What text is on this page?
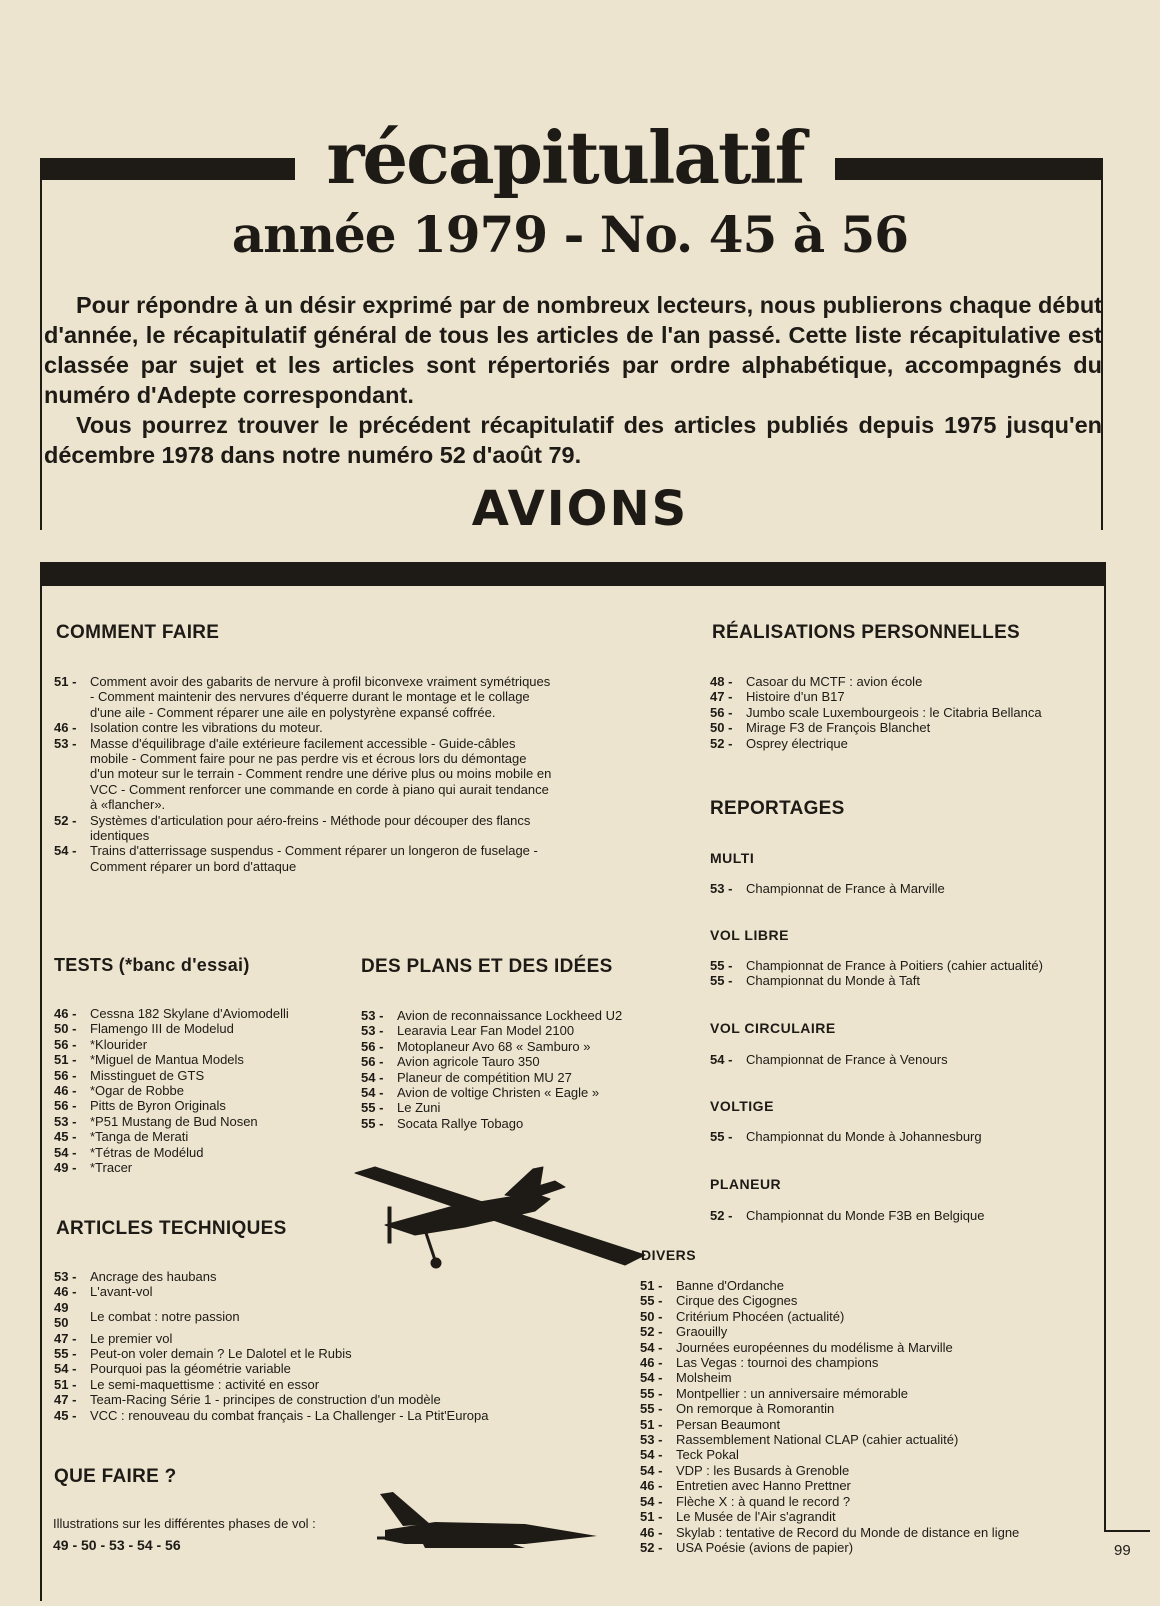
récapitulatif
année 1979 - No. 45 à 56

Pour répondre à un désir exprimé par de nombreux lecteurs, nous publierons chaque début d'année, le récapitulatif général de tous les articles de l'an passé. Cette liste récapitulative est classée par sujet et les articles sont répertoriés par ordre alphabétique, accompagnés du numéro d'Adepte correspondant.

Vous pourrez trouver le précédent récapitulatif des articles publiés depuis 1975 jusqu'en décembre 1978 dans notre numéro 52 d'août 79.

AVIONS
99
COMMENT FAIRE
51 -	Comment avoir des gabarits de nervure à profil biconvexe vraiment symétriques - Comment maintenir des nervures d'équerre durant le montage et le collage d'une aile - Comment réparer une aile en polystyrène expansé coffrée.
46 -	Isolation contre les vibrations du moteur.
53 -	Masse d'équilibrage d'aile extérieure facilement accessible - Guide-câbles mobile - Comment faire pour ne pas perdre vis et écrous lors du démontage d'un moteur sur le terrain - Comment rendre une dérive plus ou moins mobile en VCC - Comment renforcer une commande en corde à piano qui aurait tendance à «flancher».
52 -	Systèmes d'articulation pour aéro-freins - Méthode pour découper des flancs identiques
54 -	Trains d'atterrissage suspendus - Comment réparer un longeron de fuselage - Comment réparer un bord d'attaque
RÉALISATIONS PERSONNELLES
48 -	Casoar du MCTF : avion école
47 -	Histoire d'un B17
56 -	Jumbo scale Luxembourgeois : le Citabria Bellanca
50 -	Mirage F3 de François Blanchet
52 -	Osprey électrique
REPORTAGES
MULTI
53 -	Championnat de France à Marville
VOL LIBRE
55 -	Championnat de France à Poitiers (cahier actualité)
55 -	Championnat du Monde à Taft
VOL CIRCULAIRE
54 -	Championnat de France à Venours
VOLTIGE
55 -	Championnat du Monde à Johannesburg
PLANEUR
52 -	Championnat du Monde F3B en Belgique
TESTS (*banc d'essai)
46 -	Cessna 182 Skylane d'Aviomodelli
50 -	Flamengo III de Modelud
56 -	*Klourider
51 -	*Miguel de Mantua Models
56 -	Misstinguet de GTS
46 -	*Ogar de Robbe
56 -	Pitts de Byron Originals
53 -	*P51 Mustang de Bud Nosen
45 -	*Tanga de Merati
54 -	*Tétras de Modélud
49 -	*Tracer
DES PLANS ET DES IDÉES
53 -	Avion de reconnaissance Lockheed U2
53 -	Learavia Lear Fan Model 2100
56 -	Motoplaneur Avo 68 « Samburo »
56 -	Avion agricole Tauro 350
54 -	Planeur de compétition MU 27
54 -	Avion de voltige Christen « Eagle »
55 -	Le Zuni
55 -	Socata Rallye Tobago
ARTICLES TECHNIQUES
53 -	Ancrage des haubans
46 -	L'avant-vol
49
50	Le combat : notre passion
47 -	Le premier vol
55 -	Peut-on voler demain ? Le Dalotel et le Rubis
54 -	Pourquoi pas la géométrie variable
51 -	Le semi-maquettisme : activité en essor
47 -	Team-Racing Série 1 - principes de construction d'un modèle
45 -	VCC : renouveau du combat français - La Challenger - La Ptit'Europa
QUE FAIRE ?
Illustrations sur les différentes phases de vol :
49 - 50 - 53 - 54 - 56
DIVERS
51 -	Banne d'Ordanche
55 -	Cirque des Cigognes
50 -	Critérium Phocéen (actualité)
52 -	Graouilly
54 -	Journées européennes du modélisme à Marville
46 -	Las Vegas : tournoi des champions
54 -	Molsheim
55 -	Montpellier : un anniversaire mémorable
55 -	On remorque à Romorantin
51 -	Persan Beaumont
53 -	Rassemblement National CLAP (cahier actualité)
54 -	Teck Pokal
54 -	VDP : les Busards à Grenoble
46 -	Entretien avec Hanno Prettner
54 -	Flèche X : à quand le record ?
51 -	Le Musée de l'Air s'agrandit
46 -	Skylab : tentative de Record du Monde de distance en ligne
52 -	USA Poésie (avions de papier)
